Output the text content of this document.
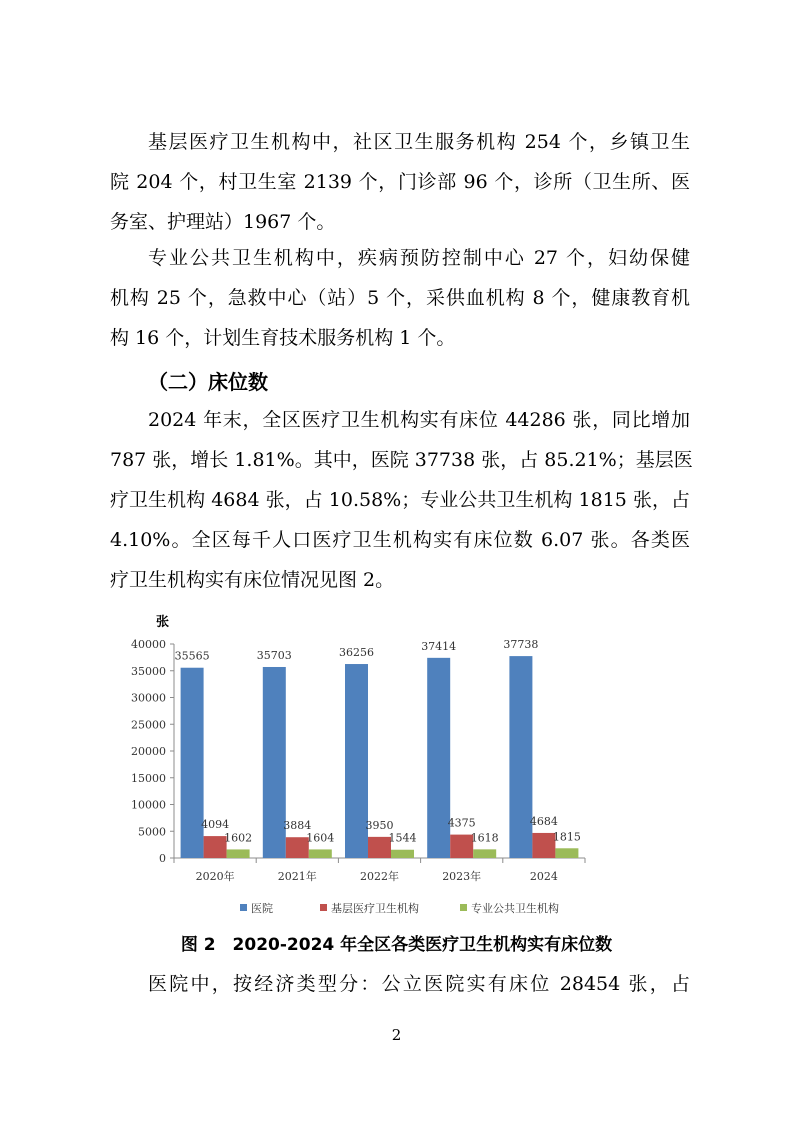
基层医疗卫生机构中，社区卫生服务机构 254 个，乡镇卫生
院 204 个，村卫生室 2139 个，门诊部 96 个，诊所（卫生所、医
务室、护理站）1967 个。
专业公共卫生机构中，疾病预防控制中心 27 个，妇幼保健
机构 25 个，急救中心（站）5 个，采供血机构 8 个，健康教育机
构 16 个，计划生育技术服务机构 1 个。
（二）床位数
2024 年末，全区医疗卫生机构实有床位 44286 张，同比增加
787 张，增长 1.81%。其中，医院 37738 张，占 85.21%；基层医
疗卫生机构 4684 张，占 10.58%；专业公共卫生机构 1815 张，占
4.10%。全区每千人口医疗卫生机构实有床位数 6.07 张。各类医
疗卫生机构实有床位情况见图 2。
张
0
5000
10000
15000
20000
25000
30000
35000
40000
35565
4094
1602
2020年
35703
3884
1604
2021年
36256
3950
1544
2022年
37414
4375
1618
2023年
37738
4684
1815
2024
医院	基层医疗卫生机构	专业公共卫生机构

图 2　2020-2024 年全区各类医疗卫生机构实有床位数

医院中，按经济类型分：公立医院实有床位 28454 张，占

2
